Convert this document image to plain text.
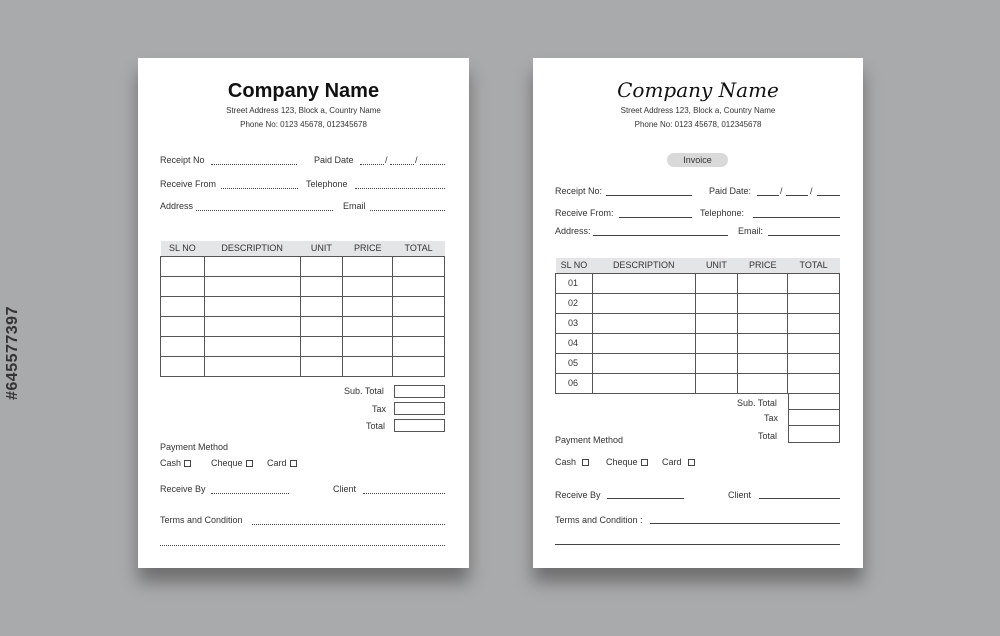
#645577397
Company Name
Street Address 123, Block a, Country Name
Phone No: 0123 45678, 012345678
Receipt No	Paid Date	/	/
Receive From	Telephone
Address	Email
SL NO	DESCRIPTION	UNIT	PRICE	TOTAL

Sub. Total
Tax
Total
Payment Method
Cash	Cheque	Card
Receive By	Client
Terms and Condition
Company Name
Street Address 123, Block a, Country Name
Phone No: 0123 45678, 012345678
Invoice
Receipt No:	Paid Date:	/	/
Receive From:	Telephone:
Address:	Email:
SL NO	DESCRIPTION	UNIT	PRICE	TOTAL
01				
02				
03				
04				
05				
06				
Sub. Total
Tax
Total
Payment Method
Cash	Cheque	Card
Receive By	Client
Terms and Condition :
